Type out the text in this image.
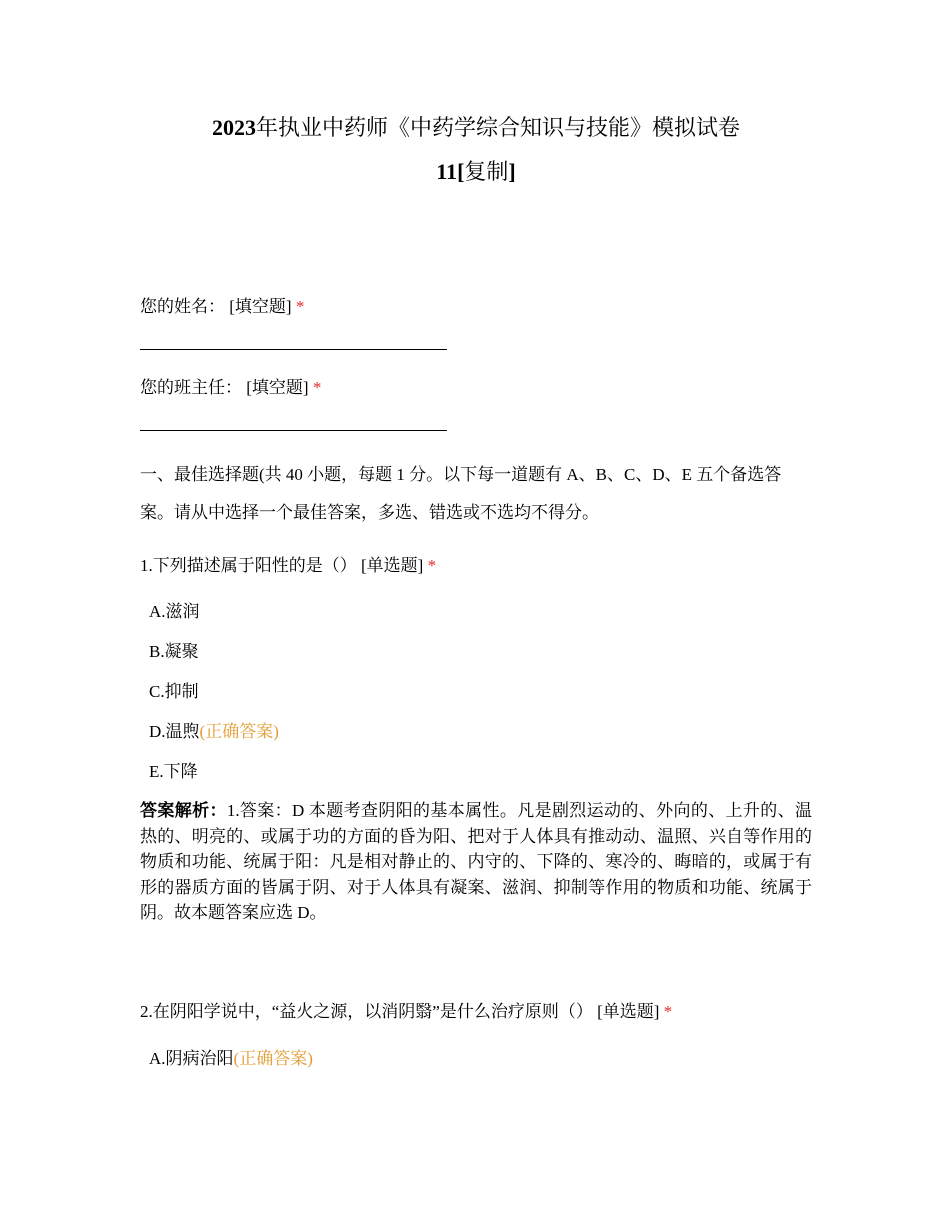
2023年执业中药师《中药学综合知识与技能》模拟试卷
11[复制]
您的姓名： [填空题] *
您的班主任： [填空题] *
一、最佳选择题(共 40 小题，每题 1 分。以下每一道题有 A、B、C、D、E 五个备选答案。请从中选择一个最佳答案，多选、错选或不选均不得分。
1.下列描述属于阳性的是（） [单选题] *
A.滋润
B.凝聚
C.抑制
D.温煦(正确答案)
E.下降
答案解析：1.答案：D 本题考查阴阳的基本属性。凡是剧烈运动的、外向的、上升的、温热的、明亮的、或属于功的方面的昏为阳、把对于人体具有推动动、温照、兴自等作用的物质和功能、统属于阳：凡是相对静止的、内守的、下降的、寒冷的、晦暗的，或属于有形的器质方面的皆属于阴、对于人体具有凝案、滋润、抑制等作用的物质和功能、统属于阴。故本题答案应选 D。
2.在阴阳学说中，“益火之源，以消阴翳”是什么治疗原则（） [单选题] *
A.阴病治阳(正确答案)
